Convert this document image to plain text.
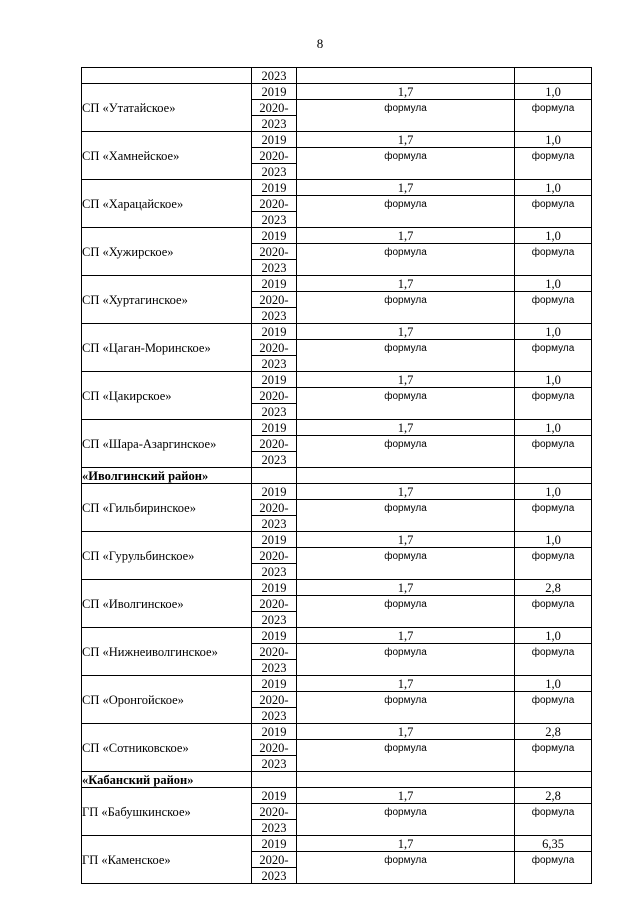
8
	2023		
СП «Утатайское»	2019	1,7	1,0
	2020-	формула	формула
	2023		
СП «Хамнейское»	2019	1,7	1,0
	2020-	формула	формула
	2023		
СП «Харацайское»	2019	1,7	1,0
	2020-	формула	формула
	2023		
СП «Хужирское»	2019	1,7	1,0
	2020-	формула	формула
	2023		
СП «Хуртагинское»	2019	1,7	1,0
	2020-	формула	формула
	2023		
СП «Цаган-Моринское»	2019	1,7	1,0
	2020-	формула	формула
	2023		
СП «Цакирское»	2019	1,7	1,0
	2020-	формула	формула
	2023		
СП «Шара-Азаргинское»	2019	1,7	1,0
	2020-	формула	формула
	2023		
«Иволгинский район»			
СП «Гильбиринское»	2019	1,7	1,0
	2020-	формула	формула
	2023		
СП «Гурульбинское»	2019	1,7	1,0
	2020-	формула	формула
	2023		
СП «Иволгинское»	2019	1,7	2,8
	2020-	формула	формула
	2023		
СП «Нижнеиволгинское»	2019	1,7	1,0
	2020-	формула	формула
	2023		
СП «Оронгойское»	2019	1,7	1,0
	2020-	формула	формула
	2023		
СП «Сотниковское»	2019	1,7	2,8
	2020-	формула	формула
	2023		
«Кабанский район»			
ГП «Бабушкинское»	2019	1,7	2,8
	2020-	формула	формула
	2023		
ГП «Каменское»	2019	1,7	6,35
	2020-	формула	формула
	2023		
